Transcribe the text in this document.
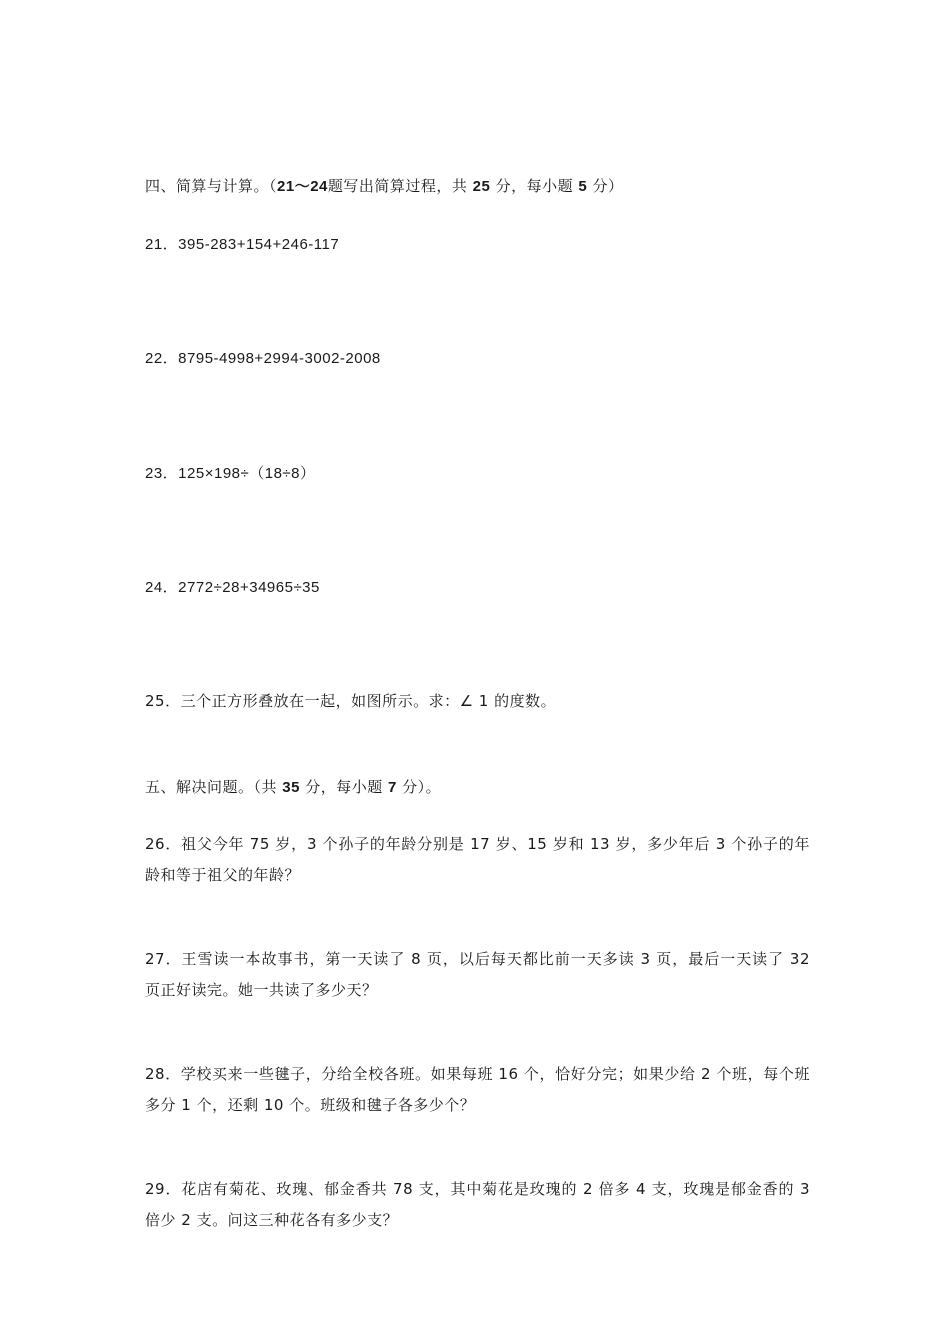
四、简算与计算。（21～24题写出简算过程，共 25 分，每小题 5 分）
21．395-283+154+246-117
22．8795-4998+2994-3002-2008
23．125×198÷（18÷8）
24．2772÷28+34965÷35
25．三个正方形叠放在一起，如图所示。求：∠ 1 的度数。
五、解决问题。（共 35 分，每小题 7 分）。
26．祖父今年 75 岁，3 个孙子的年龄分别是 17 岁、15 岁和 13 岁，多少年后 3 个孙子的年龄和等于祖父的年龄？
27．王雪读一本故事书，第一天读了 8 页，以后每天都比前一天多读 3 页，最后一天读了 32 页正好读完。她一共读了多少天？
28．学校买来一些毽子，分给全校各班。如果每班 16 个，恰好分完；如果少给 2 个班，每个班多分 1 个，还剩 10 个。班级和毽子各多少个？
29．花店有菊花、玫瑰、郁金香共 78 支，其中菊花是玫瑰的 2 倍多 4 支，玫瑰是郁金香的 3 倍少 2 支。问这三种花各有多少支？
